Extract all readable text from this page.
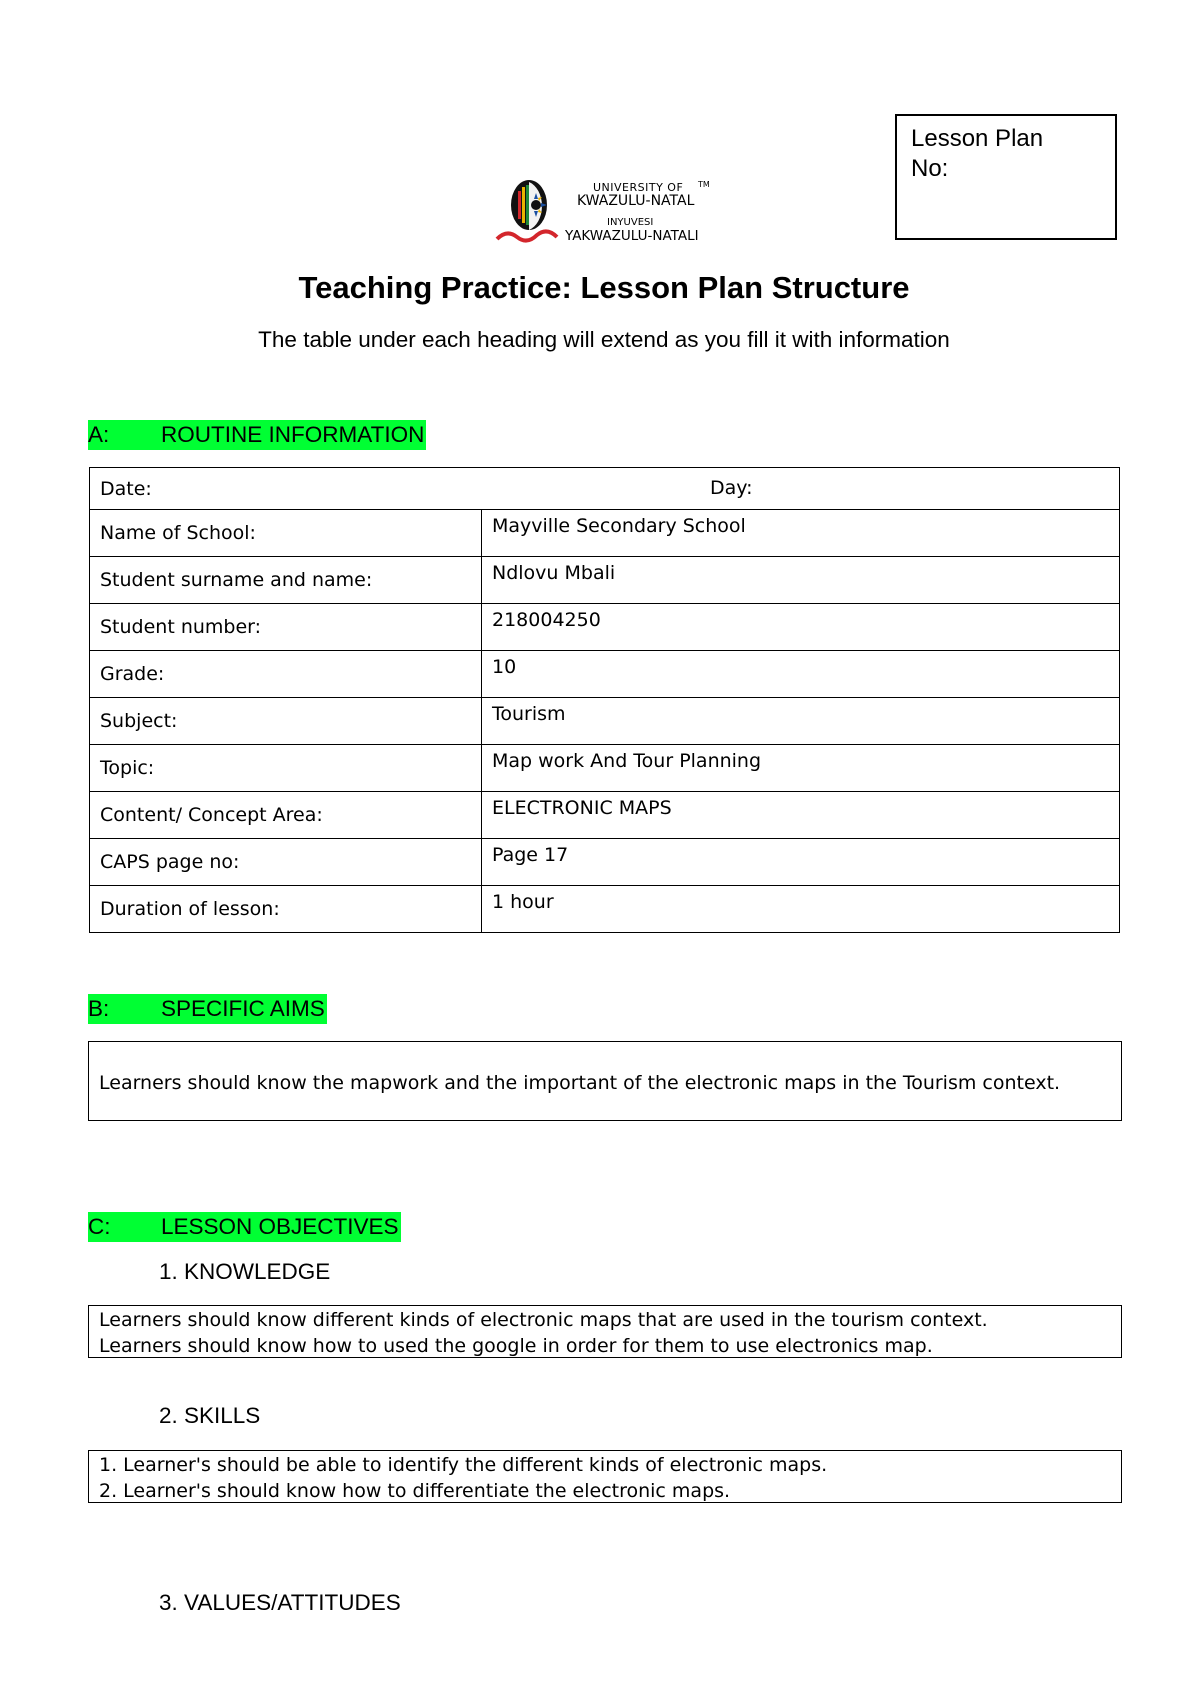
Lesson Plan
No:
UNIVERSITY OF
KWAZULU-NATAL
INYUVESI
YAKWAZULU-NATALI
TM
Teaching Practice: Lesson Plan Structure
The table under each heading will extend as you fill it with information
A: ROUTINE INFORMATION
Date: Day:	

Name of School:	Mayville Secondary School
Student surname and name:	Ndlovu Mbali
Student number:	218004250
Grade:	10
Subject:	Tourism
Topic:	Map work And Tour Planning
Content/ Concept Area:	ELECTRONIC MAPS
CAPS page no:	Page 17
Duration of lesson:	1 hour
B: SPECIFIC AIMS
Learners should know the mapwork and the important of the electronic maps in the Tourism context.
C: LESSON OBJECTIVES
1. KNOWLEDGE
Learners should know different kinds of electronic maps that are used in the tourism context.
Learners should know how to used the google in order for them to use electronics map.
2. SKILLS
1. Learner's should be able to identify the different kinds of electronic maps.
2. Learner's should know how to differentiate the electronic maps.
3. VALUES/ATTITUDES
